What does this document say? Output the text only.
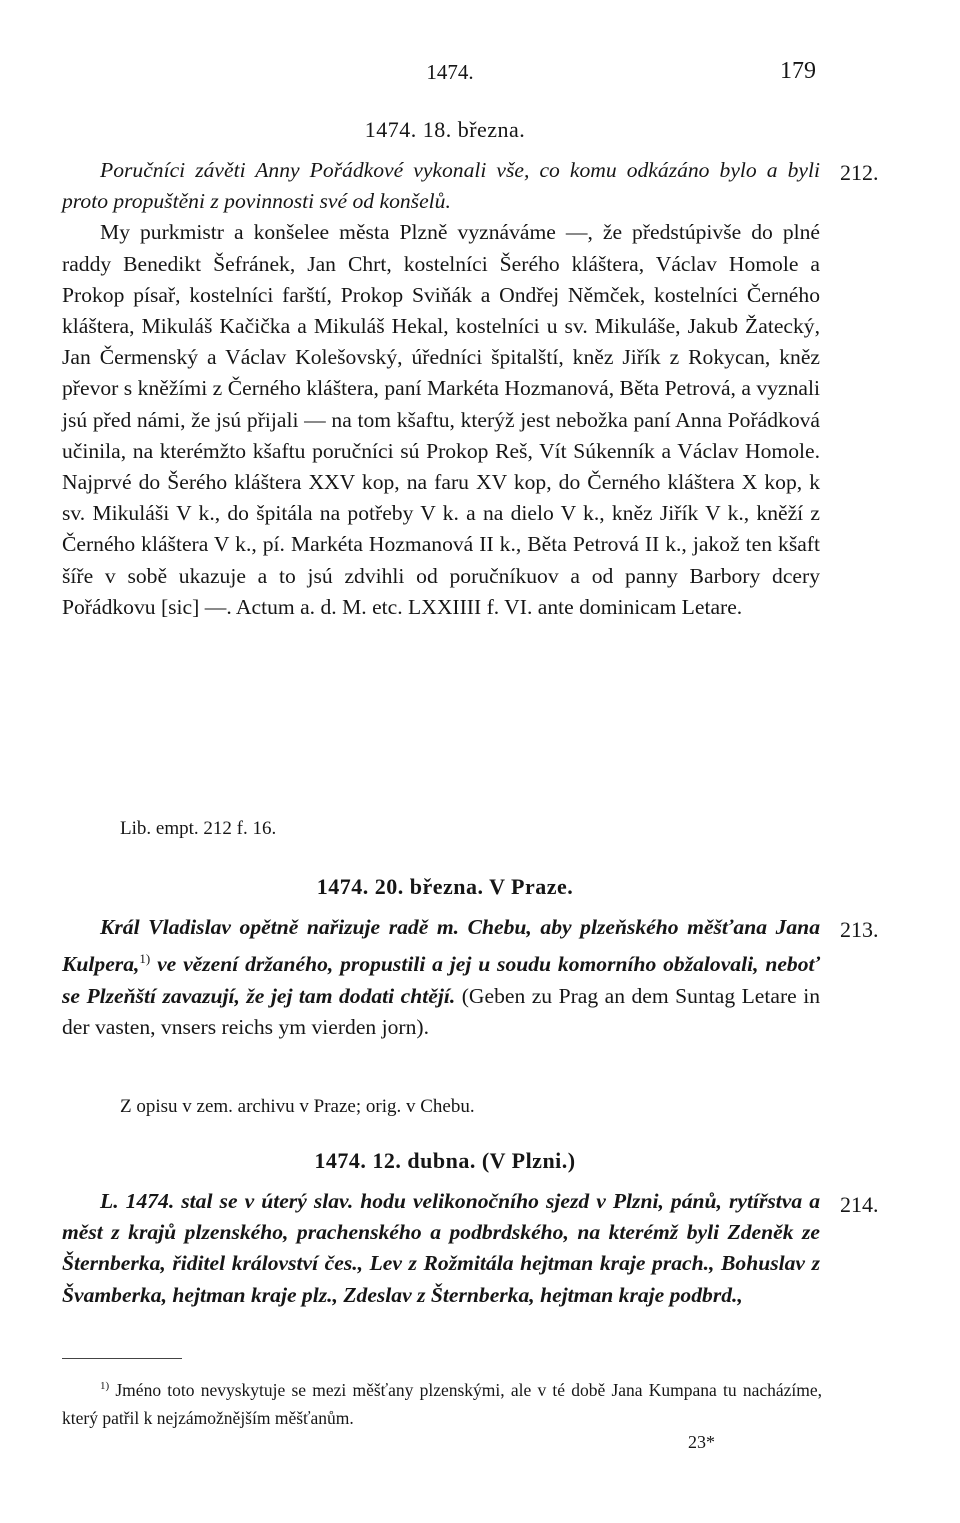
1474.	179
1474. 18. března.
212.

Poručníci závěti Anny Pořádkové vykonali vše, co komu odkázáno bylo a byli proto propuštěni z povinnosti své od konšelů.

My purkmistr a konšelee města Plzně vyznáváme —, že předstúpivše do plné raddy Benedikt Šefránek, Jan Chrt, kostelníci Šerého kláštera, Václav Homole a Prokop písař, kostelníci farští, Prokop Sviňák a Ondřej Němček, kostelníci Černého kláštera, Mikuláš Kačička a Mikuláš Hekal, kostelníci u sv. Mikuláše, Jakub Žatecký, Jan Čermenský a Václav Kolešovský, úředníci špitalští, kněz Jiřík z Rokycan, kněz převor s kněžími z Černého kláštera, paní Markéta Hozmanová, Běta Petrová, a vyznali jsú před námi, že jsú přijali — na tom kšaftu, kterýž jest nebožka paní Anna Pořádková učinila, na kterémžto kšaftu poručníci sú Prokop Reš, Vít Súkenník a Václav Homole. Najprvé do Šerého kláštera XXV kop, na faru XV kop, do Černého kláštera X kop, k sv. Mikuláši V k., do špitála na potřeby V k. a na dielo V k., kněz Jiřík V k., kněží z Černého kláštera V k., pí. Markéta Hozmanová II k., Běta Petrová II k., jakož ten kšaft šíře v sobě ukazuje a to jsú zdvihli od poručníkuov a od panny Barbory dcery Pořádkovu [sic] —. Actum a. d. M. etc. LXXIIII f. VI. ante dominicam Letare.

Lib. empt. 212 f. 16.
1474. 20. března. V Praze.
213.

Král Vladislav opětně nařizuje radě m. Chebu, aby plzeňského měšťana Jana Kulpera,$^{1)}$ ve vězení držaného, propustili a jej u soudu komorního obžalovali, neboť se Plzeňští zavazují, že jej tam dodati chtějí. (Geben zu Prag an dem Suntag Letare in der vasten, vnsers reichs ym vierden jorn).

Z opisu v zem. archivu v Praze; orig. v Chebu.
1474. 12. dubna. (V Plzni.)
214.

L. 1474. stal se v úterý slav. hodu velikonočního sjezd v Plzni, pánů, rytířstva a měst z krajů plzenského, prachenského a podbrdského, na kterémž byli Zdeněk ze Šternberka, řiditel království čes., Lev z Rožmitála hejtman kraje prach., Bohuslav z Švamberka, hejtman kraje plz., Zdeslav z Šternberka, hejtman kraje podbrd.,

$^{1)}$ Jméno toto nevyskytuje se mezi měšťany plzenskými, ale v té době Jana Kumpana tu nacházíme, který patřil k nejzámožnějším měšťanům.

23*
